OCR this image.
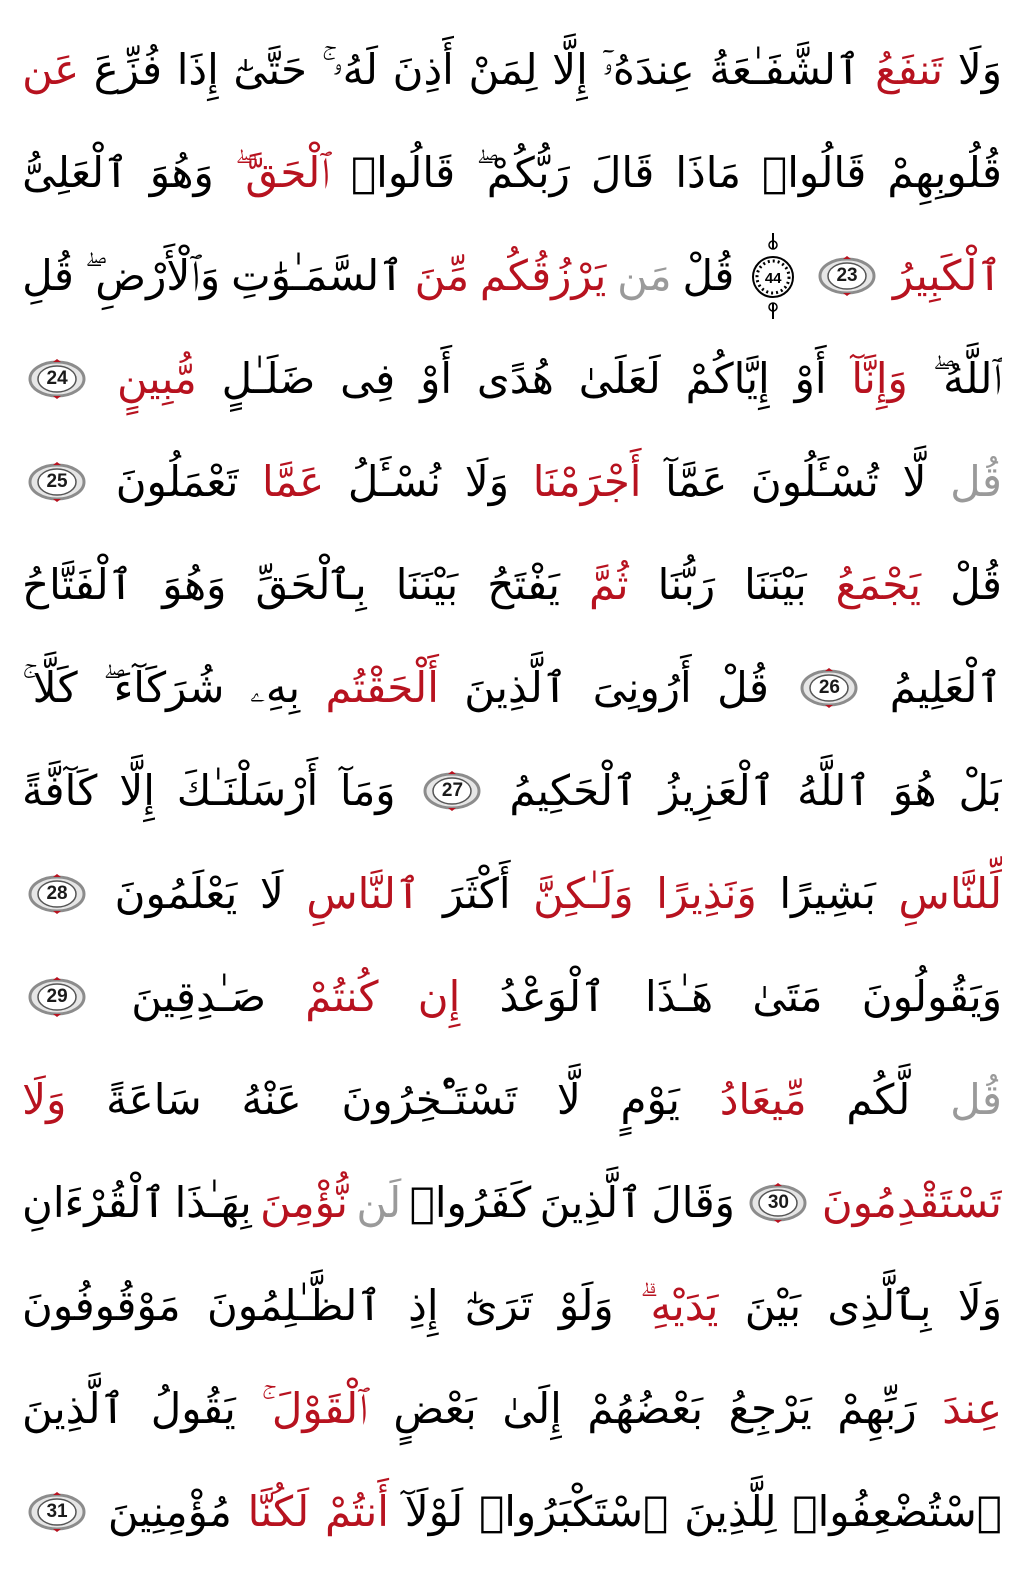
وَلَا
تَنفَعُ
ٱلشَّفَـٰعَةُ
عِندَهُۥٓ
إِلَّا
لِمَنْ
أَذِنَ
لَهُۥ ۚ
حَتَّىٰٓ
إِذَا
فُزِّعَ
عَن
قُلُوبِهِمْ
قَالُوا۟
مَاذَا
قَالَ
رَبُّكُمْ ۖ
قَالُوا۟
ٱلْحَقَّ ۖ
وَهُوَ
ٱلْعَلِىُّ
ٱلْكَبِيرُ
23
44
قُلْ
مَن
يَرْزُقُكُم
مِّنَ
ٱلسَّمَـٰوَٰتِ
وَٱلْأَرْضِ ۖ
قُلِ
ٱللَّهُ ۖ
وَإِنَّآ
أَوْ
إِيَّاكُمْ
لَعَلَىٰ
هُدًى
أَوْ
فِى
ضَلَـٰلٍ
مُّبِينٍ
24
قُل
لَّا
تُسْـَٔلُونَ
عَمَّآ
أَجْرَمْنَا
وَلَا
نُسْـَٔلُ
عَمَّا
تَعْمَلُونَ
25
قُلْ
يَجْمَعُ
بَيْنَنَا
رَبُّنَا
ثُمَّ
يَفْتَحُ
بَيْنَنَا
بِٱلْحَقِّ
وَهُوَ
ٱلْفَتَّاحُ
ٱلْعَلِيمُ
26
قُلْ
أَرُونِىَ
ٱلَّذِينَ
أَلْحَقْتُم
بِهِۦ
شُرَكَآءَ ۖ
كَلَّا ۚ
بَلْ
هُوَ
ٱللَّهُ
ٱلْعَزِيزُ
ٱلْحَكِيمُ
27
وَمَآ
أَرْسَلْنَـٰكَ
إِلَّا
كَآفَّةً
لِّلنَّاسِ
بَشِيرًا
وَنَذِيرًا
وَلَـٰكِنَّ
أَكْثَرَ
ٱلنَّاسِ
لَا
يَعْلَمُونَ
28
وَيَقُولُونَ
مَتَىٰ
هَـٰذَا
ٱلْوَعْدُ
إِن
كُنتُمْ
صَـٰدِقِينَ
29
قُل
لَّكُم
مِّيعَادُ
يَوْمٍ
لَّا
تَسْتَـْٔخِرُونَ
عَنْهُ
سَاعَةً
وَلَا
تَسْتَقْدِمُونَ
30
وَقَالَ
ٱلَّذِينَ
كَفَرُوا۟
لَن
نُّؤْمِنَ
بِهَـٰذَا
ٱلْقُرْءَانِ
وَلَا
بِٱلَّذِى
بَيْنَ
يَدَيْهِ ۗ
وَلَوْ
تَرَىٰٓ
إِذِ
ٱلظَّـٰلِمُونَ
مَوْقُوفُونَ
عِندَ
رَبِّهِمْ
يَرْجِعُ
بَعْضُهُمْ
إِلَىٰ
بَعْضٍ
ٱلْقَوْلَ ۚ
يَقُولُ
ٱلَّذِينَ
ٱسْتُضْعِفُوا۟
لِلَّذِينَ
ٱسْتَكْبَرُوا۟
لَوْلَآ
أَنتُمْ
لَكُنَّا
مُؤْمِنِينَ
31
